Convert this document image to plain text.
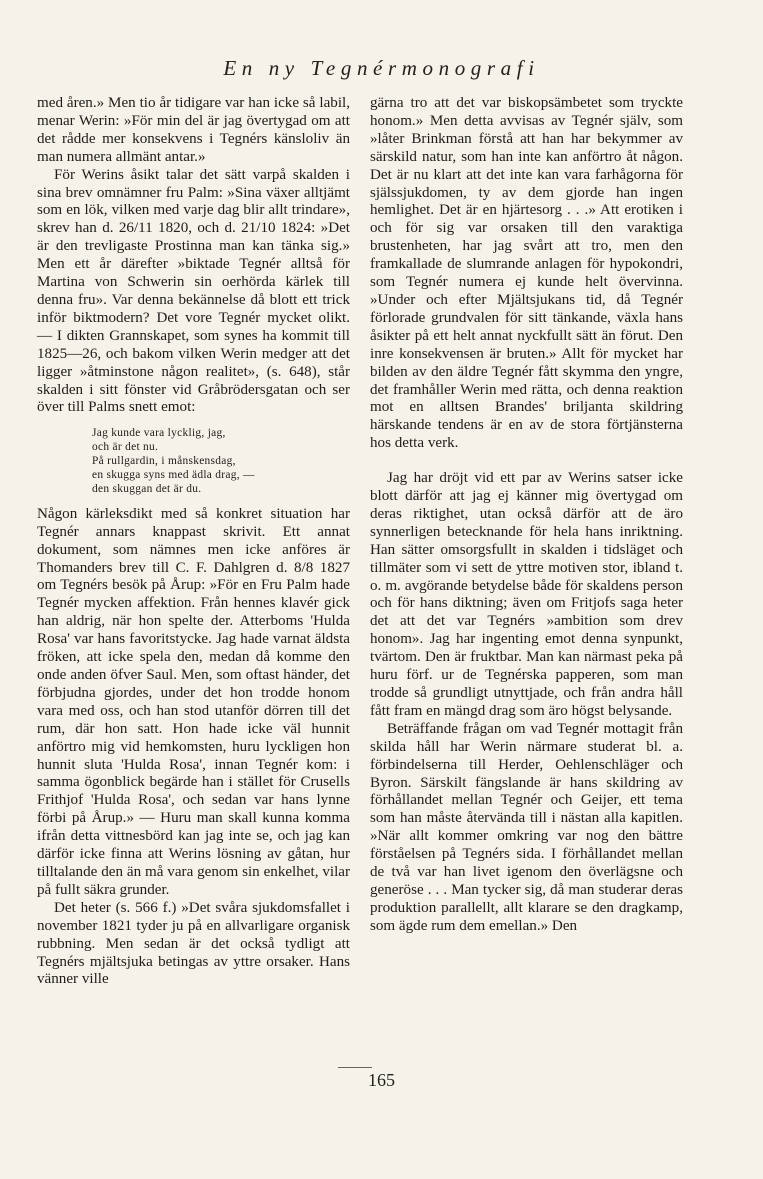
En ny Tegnérmonografi

med åren.» Men tio år tidigare var han icke så labil, menar Werin: »För min del är jag övertygad om att det rådde mer konsekvens i Tegnérs känsloliv än man numera allmänt antar.»

För Werins åsikt talar det sätt varpå skalden i sina brev omnämner fru Palm: »Sina växer alltjämt som en lök, vilken med varje dag blir allt trindare», skrev han d. 26/11 1820, och d. 21/10 1824: »Det är den trevligaste Prostinna man kan tänka sig.» Men ett år därefter »biktade Tegnér alltså för Martina von Schwerin sin oerhörda kärlek till denna fru». Var denna bekännelse då blott ett trick inför biktmodern? Det vore Tegnér mycket olikt. — I dikten Grannskapet, som synes ha kommit till 1825—26, och bakom vilken Werin medger att det ligger »åtminstone någon realitet», (s. 648), står skalden i sitt fönster vid Gråbrödersgatan och ser över till Palms snett emot:

Jag kunde vara lycklig, jag,
och är det nu.
På rullgardin, i månskensdag,
en skugga syns med ädla drag, —
den skuggan det är du.

Någon kärleksdikt med så konkret situation har Tegnér annars knappast skrivit. Ett annat dokument, som nämnes men icke anföres är Thomanders brev till C. F. Dahlgren d. 8/8 1827 om Tegnérs besök på Årup: »För en Fru Palm hade Tegnér mycken affektion. Från hennes klavér gick han aldrig, när hon spelte der. Atterboms 'Hulda Rosa' var hans favoritstycke. Jag hade varnat äldsta fröken, att icke spela den, medan då komme den onde anden öfver Saul. Men, som oftast händer, det förbjudna gjordes, under det hon trodde honom vara med oss, och han stod utanför dörren till det rum, där hon satt. Hon hade icke väl hunnit anförtro mig vid hemkomsten, huru lyckligen hon hunnit sluta 'Hulda Rosa', innan Tegnér kom: i samma ögonblick begärde han i stället för Crusells Frithjof 'Hulda Rosa', och sedan var hans lynne förbi på Årup.» — Huru man skall kunna komma ifrån detta vittnesbörd kan jag inte se, och jag kan därför icke finna att Werins lösning av gåtan, hur tilltalande den än må vara genom sin enkelhet, vilar på fullt säkra grunder.

Det heter (s. 566 f.) »Det svåra sjukdomsfallet i november 1821 tyder ju på en allvarligare organisk rubbning. Men sedan är det också tydligt att Tegnérs mjältsjuka betingas av yttre orsaker. Hans vänner ville

gärna tro att det var biskopsämbetet som tryckte honom.» Men detta avvisas av Tegnér själv, som »låter Brinkman förstå att han har bekymmer av särskild natur, som han inte kan anförtro åt någon. Det är nu klart att det inte kan vara farhågorna för själssjukdomen, ty av dem gjorde han ingen hemlighet. Det är en hjärtesorg . . .» Att erotiken i och för sig var orsaken till den varaktiga brustenheten, har jag svårt att tro, men den framkallade de slumrande anlagen för hypokondri, som Tegnér numera ej kunde helt övervinna. »Under och efter Mjältsjukans tid, då Tegnér förlorade grundvalen för sitt tänkande, växla hans åsikter på ett helt annat nyckfullt sätt än förut. Den inre konsekvensen är bruten.» Allt för mycket har bilden av den äldre Tegnér fått skymma den yngre, det framhåller Werin med rätta, och denna reaktion mot en alltsen Brandes' briljanta skildring härskande tendens är en av de stora förtjänsterna hos detta verk.

Jag har dröjt vid ett par av Werins satser icke blott därför att jag ej känner mig övertygad om deras riktighet, utan också därför att de äro synnerligen betecknande för hela hans inriktning. Han sätter omsorgsfullt in skalden i tidsläget och tillmäter som vi sett de yttre motiven stor, ibland t. o. m. avgörande betydelse både för skaldens person och för hans diktning; även om Fritjofs saga heter det att det var Tegnérs »ambition som drev honom». Jag har ingenting emot denna synpunkt, tvärtom. Den är fruktbar. Man kan närmast peka på huru förf. ur de Tegnérska papperen, som man trodde så grundligt utnyttjade, och från andra håll fått fram en mängd drag som äro högst belysande.

Beträffande frågan om vad Tegnér mottagit från skilda håll har Werin närmare studerat bl. a. förbindelserna till Herder, Oehlenschläger och Byron. Särskilt fängslande är hans skildring av förhållandet mellan Tegnér och Geijer, ett tema som han måste återvända till i nästan alla kapitlen. »När allt kommer omkring var nog den bättre förståelsen på Tegnérs sida. I förhållandet mellan de två var han livet igenom den överlägsne och generöse . . . Man tycker sig, då man studerar deras produktion parallellt, allt klarare se den dragkamp, som ägde rum dem emellan.» Den

165
